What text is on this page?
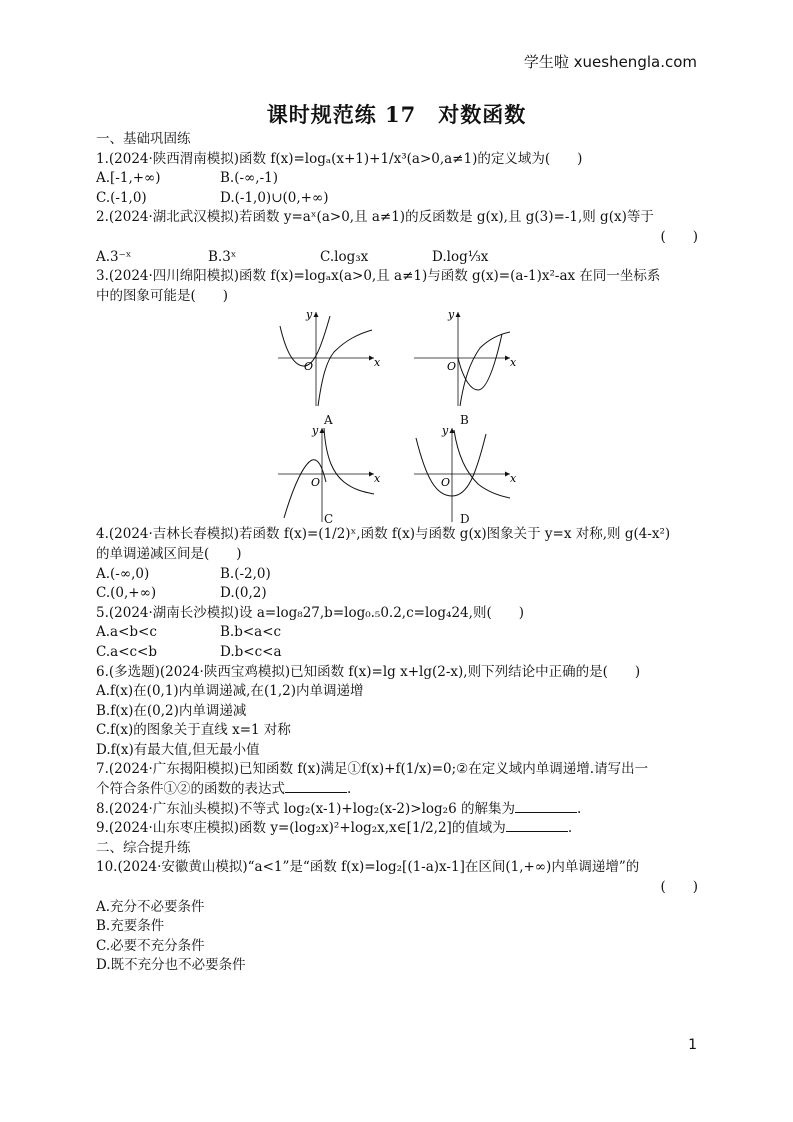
学生啦 xueshengla.com
课时规范练 17　对数函数
一、基础巩固练
1.(2024·陕西渭南模拟)函数 f(x)=logₐ(x+1)+1/x³(a>0,a≠1)的定义域为(　　)
A.[-1,+∞)	B.(-∞,-1)
C.(-1,0)	D.(-1,0)∪(0,+∞)
2.(2024·湖北武汉模拟)若函数 y=aˣ(a>0,且 a≠1)的反函数是 g(x),且 g(3)=-1,则 g(x)等于
(　　)
A.3⁻ˣ	B.3ˣ	C.log₃x	D.log⅓x
3.(2024·四川绵阳模拟)函数 f(x)=logₐx(a>0,且 a≠1)与函数 g(x)=(a-1)x²-ax 在同一坐标系
中的图象可能是(　　)
y
x
O
A
y
x
O
B
y
x
O
C
y
x
O
D
4.(2024·吉林长春模拟)若函数 f(x)=(1/2)ˣ,函数 f(x)与函数 g(x)图象关于 y=x 对称,则 g(4-x²)
的单调递减区间是(　　)
A.(-∞,0)	B.(-2,0)
C.(0,+∞)	D.(0,2)
5.(2024·湖南长沙模拟)设 a=log₈27,b=log₀.₅0.2,c=log₄24,则(　　)
A.a<b<c	B.b<a<c
C.a<c<b	D.b<c<a
6.(多选题)(2024·陕西宝鸡模拟)已知函数 f(x)=lg x+lg(2-x),则下列结论中正确的是(　　)
A.f(x)在(0,1)内单调递减,在(1,2)内单调递增
B.f(x)在(0,2)内单调递减
C.f(x)的图象关于直线 x=1 对称
D.f(x)有最大值,但无最小值
7.(2024·广东揭阳模拟)已知函数 f(x)满足①f(x)+f(1/x)=0;②在定义域内单调递增.请写出一
个符合条件①②的函数的表达式	.
8.(2024·广东汕头模拟)不等式 log₂(x-1)+log₂(x-2)>log₂6 的解集为	.
9.(2024·山东枣庄模拟)函数 y=(log₂x)²+log₂x,x∈[1/2,2]的值域为	.
二、综合提升练
10.(2024·安徽黄山模拟)“a<1”是“函数 f(x)=log₂[(1-a)x-1]在区间(1,+∞)内单调递增”的
(　　)
A.充分不必要条件
B.充要条件
C.必要不充分条件
D.既不充分也不必要条件
1
